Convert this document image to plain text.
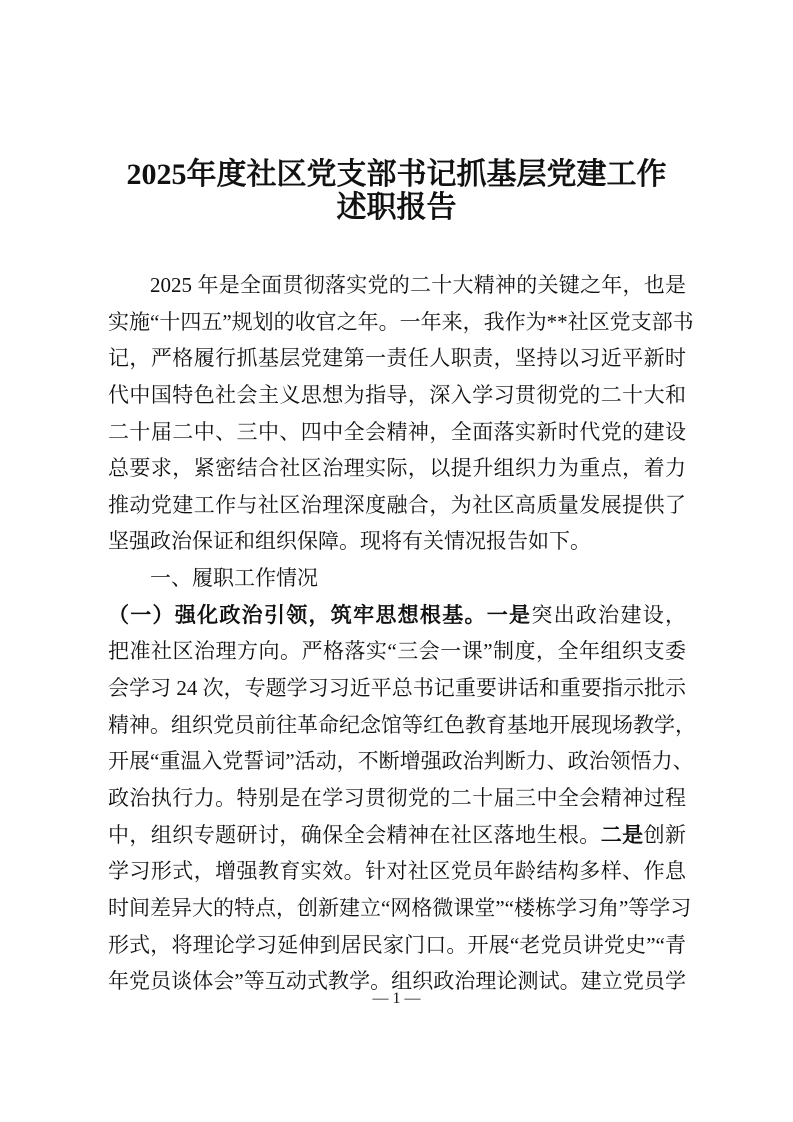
2025年度社区党支部书记抓基层党建工作
述职报告
2025 年是全面贯彻落实党的二十大精神的关键之年，也是
实施“十四五”规划的收官之年。一年来，我作为**社区党支部书
记，严格履行抓基层党建第一责任人职责，坚持以习近平新时
代中国特色社会主义思想为指导，深入学习贯彻党的二十大和
二十届二中、三中、四中全会精神，全面落实新时代党的建设
总要求，紧密结合社区治理实际，以提升组织力为重点，着力
推动党建工作与社区治理深度融合，为社区高质量发展提供了
坚强政治保证和组织保障。现将有关情况报告如下。
一、履职工作情况
（一）强化政治引领，筑牢思想根基。一是突出政治建设，
把准社区治理方向。严格落实“三会一课”制度，全年组织支委
会学习 24 次，专题学习习近平总书记重要讲话和重要指示批示
精神。组织党员前往革命纪念馆等红色教育基地开展现场教学，
开展“重温入党誓词”活动，不断增强政治判断力、政治领悟力、
政治执行力。特别是在学习贯彻党的二十届三中全会精神过程
中，组织专题研讨，确保全会精神在社区落地生根。二是创新
学习形式，增强教育实效。针对社区党员年龄结构多样、作息
时间差异大的特点，创新建立“网格微课堂”“楼栋学习角”等学习
形式，将理论学习延伸到居民家门口。开展“老党员讲党史”“青
年党员谈体会”等互动式教学。组织政治理论测试。建立党员学
— 1 —
